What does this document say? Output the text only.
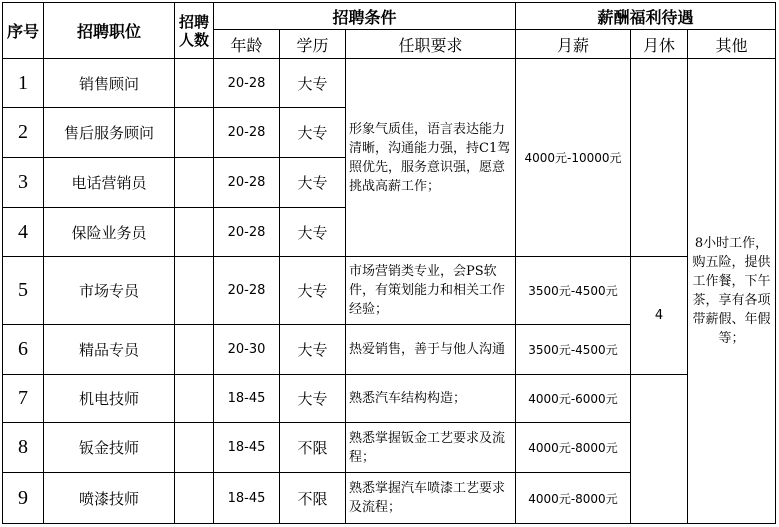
序号	招聘职位	招聘人数	招聘条件			薪酬福利待遇		
			年龄	学历	任职要求	月薪	月休	其他
1	销售顾问		20-28	大专	形象气质佳，语言表达能力清晰，沟通能力强，持C1驾照优先，服务意识强，愿意挑战高薪工作；	4000元-10000元		8小时工作，购五险，提供工作餐，下午茶，享有各项带薪假、年假等；
2	售后服务顾问		20-28	大专				
3	电话营销员		20-28	大专				
4	保险业务员		20-28	大专				
5	市场专员		20-28	大专	市场营销类专业，会PS软件，有策划能力和相关工作经验；	3500元-4500元	4	
6	精品专员		20-30	大专	热爱销售，善于与他人沟通	3500元-4500元		
7	机电技师		18-45	大专	熟悉汽车结构构造；	4000元-6000元		
8	钣金技师		18-45	不限	熟悉掌握钣金工艺要求及流程；	4000元-8000元		
9	喷漆技师		18-45	不限	熟悉掌握汽车喷漆工艺要求及流程；	4000元-8000元		
